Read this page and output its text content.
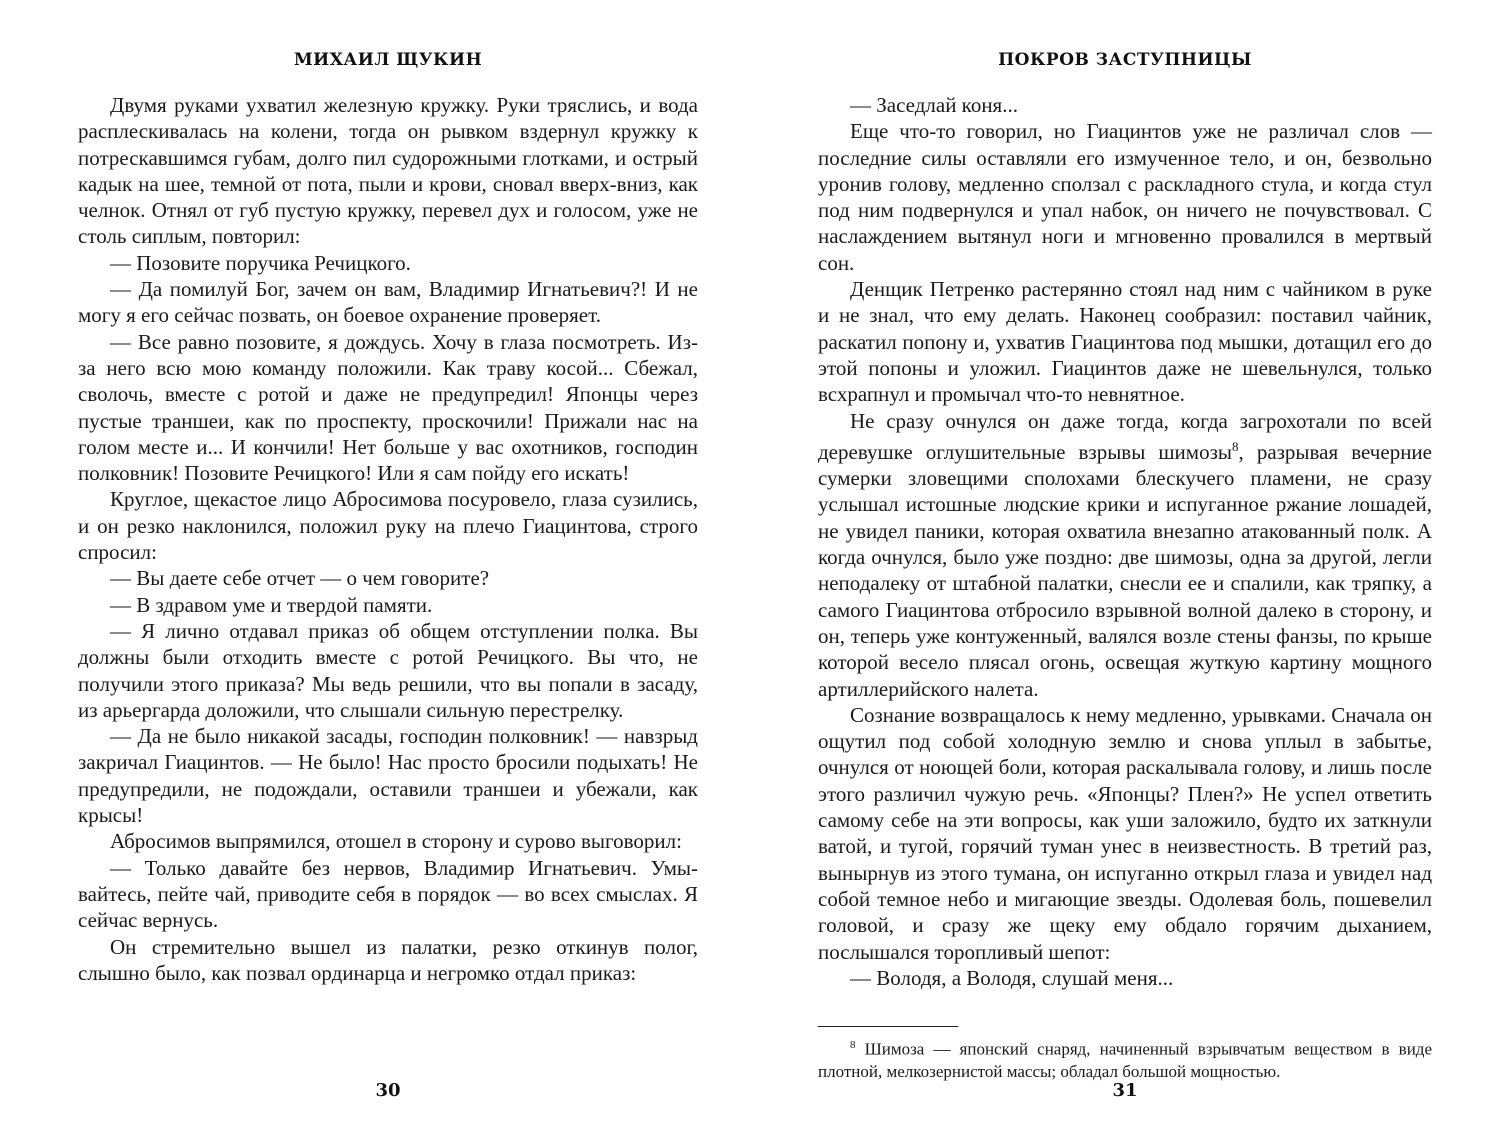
МИХАИЛ ЩУКИН

Двумя руками ухватил железную кружку. Руки тряслись, и вода расплескивалась на колени, тогда он рывком вздернул кружку к потрескавшимся губам, долго пил судорожными глотками, и острый кадык на шее, темной от пота, пыли и крови, сновал вверх-вниз, как челнок. Отнял от губ пустую кружку, перевел дух и голосом, уже не столь сиплым, повторил:

— Позовите поручика Речицкого.

— Да помилуй Бог, зачем он вам, Владимир Игнатьевич?! И не могу я его сейчас позвать, он боевое охранение проверяет.

— Все равно позовите, я дождусь. Хочу в глаза посмотреть. Из-за него всю мою команду положили. Как траву косой... Сбежал, сволочь, вместе с ротой и даже не предупредил! Японцы через пустые траншеи, как по проспекту, проскочили! Прижали нас на голом месте и... И кончили! Нет больше у вас охотников, господин полковник! Позовите Речицкого! Или я сам пойду его искать!

Круглое, щекастое лицо Абросимова посуровело, глаза сузились, и он резко наклонился, положил руку на плечо Гиацинтова, строго спросил:

— Вы даете себе отчет — о чем говорите?

— В здравом уме и твердой памяти.

— Я лично отдавал приказ об общем отступлении полка. Вы должны были отходить вместе с ротой Речицкого. Вы что, не получили этого приказа? Мы ведь решили, что вы попали в засаду, из арьергарда доложили, что слышали сильную перестрелку.

— Да не было никакой засады, господин полковник! — навзрыд закричал Гиацинтов. — Не было! Нас просто бросили подыхать! Не предупредили, не подождали, оставили траншеи и убежали, как крысы!

Абросимов выпрямился, отошел в сторону и сурово выговорил:

— Только давайте без нервов, Владимир Игнатьевич. Умывайтесь, пейте чай, приводите себя в порядок — во всех смыслах. Я сейчас вернусь.

Он стремительно вышел из палатки, резко откинув полог, слышно было, как позвал ординарца и негромко отдал приказ:

30
ПОКРОВ ЗАСТУПНИЦЫ

— Заседлай коня...

Еще что-то говорил, но Гиацинтов уже не различал слов — последние силы оставляли его измученное тело, и он, безвольно уронив голову, медленно сползал с раскладного стула, и когда стул под ним подвернулся и упал набок, он ничего не почувствовал. С наслаждением вытянул ноги и мгновенно провалился в мертвый сон.

Денщик Петренко растерянно стоял над ним с чайником в руке и не знал, что ему делать. Наконец сообразил: поставил чайник, раскатил попону и, ухватив Гиацинтова под мышки, дотащил его до этой попоны и уложил. Гиацинтов даже не шевельнулся, только всхрапнул и промычал что-то невнятное.

Не сразу очнулся он даже тогда, когда загрохотали по всей деревушке оглушительные взрывы шимозы$^8$, разрывая вечерние сумерки зловещими сполохами блескучего пламени, не сразу услышал истошные людские крики и испуганное ржание лошадей, не увидел паники, которая охватила внезапно атакованный полк. А когда очнулся, было уже поздно: две шимозы, одна за другой, легли неподалеку от штабной палатки, снесли ее и спалили, как тряпку, а самого Гиацинтова отбросило взрывной волной далеко в сторону, и он, теперь уже контуженный, валялся возле стены фанзы, по крыше которой весело плясал огонь, освещая жуткую картину мощного артиллерийского налета.

Сознание возвращалось к нему медленно, урывками. Сначала он ощутил под собой холодную землю и снова уплыл в забытье, очнулся от ноющей боли, которая раскалывала голову, и лишь после этого различил чужую речь. «Японцы? Плен?» Не успел ответить самому себе на эти вопросы, как уши заложило, будто их заткнули ватой, и тугой, горячий туман унес в неизвестность. В третий раз, вынырнув из этого тумана, он испуганно открыл глаза и увидел над собой темное небо и мигающие звезды. Одолевая боль, пошевелил головой, и сразу же щеку ему обдало горячим дыханием, послышался торопливый шепот:

— Володя, а Володя, слушай меня...

$^8$ Шимоза — японский снаряд, начиненный взрывчатым веществом в виде плотной, мелкозернистой массы; обладал большой мощностью.

31
